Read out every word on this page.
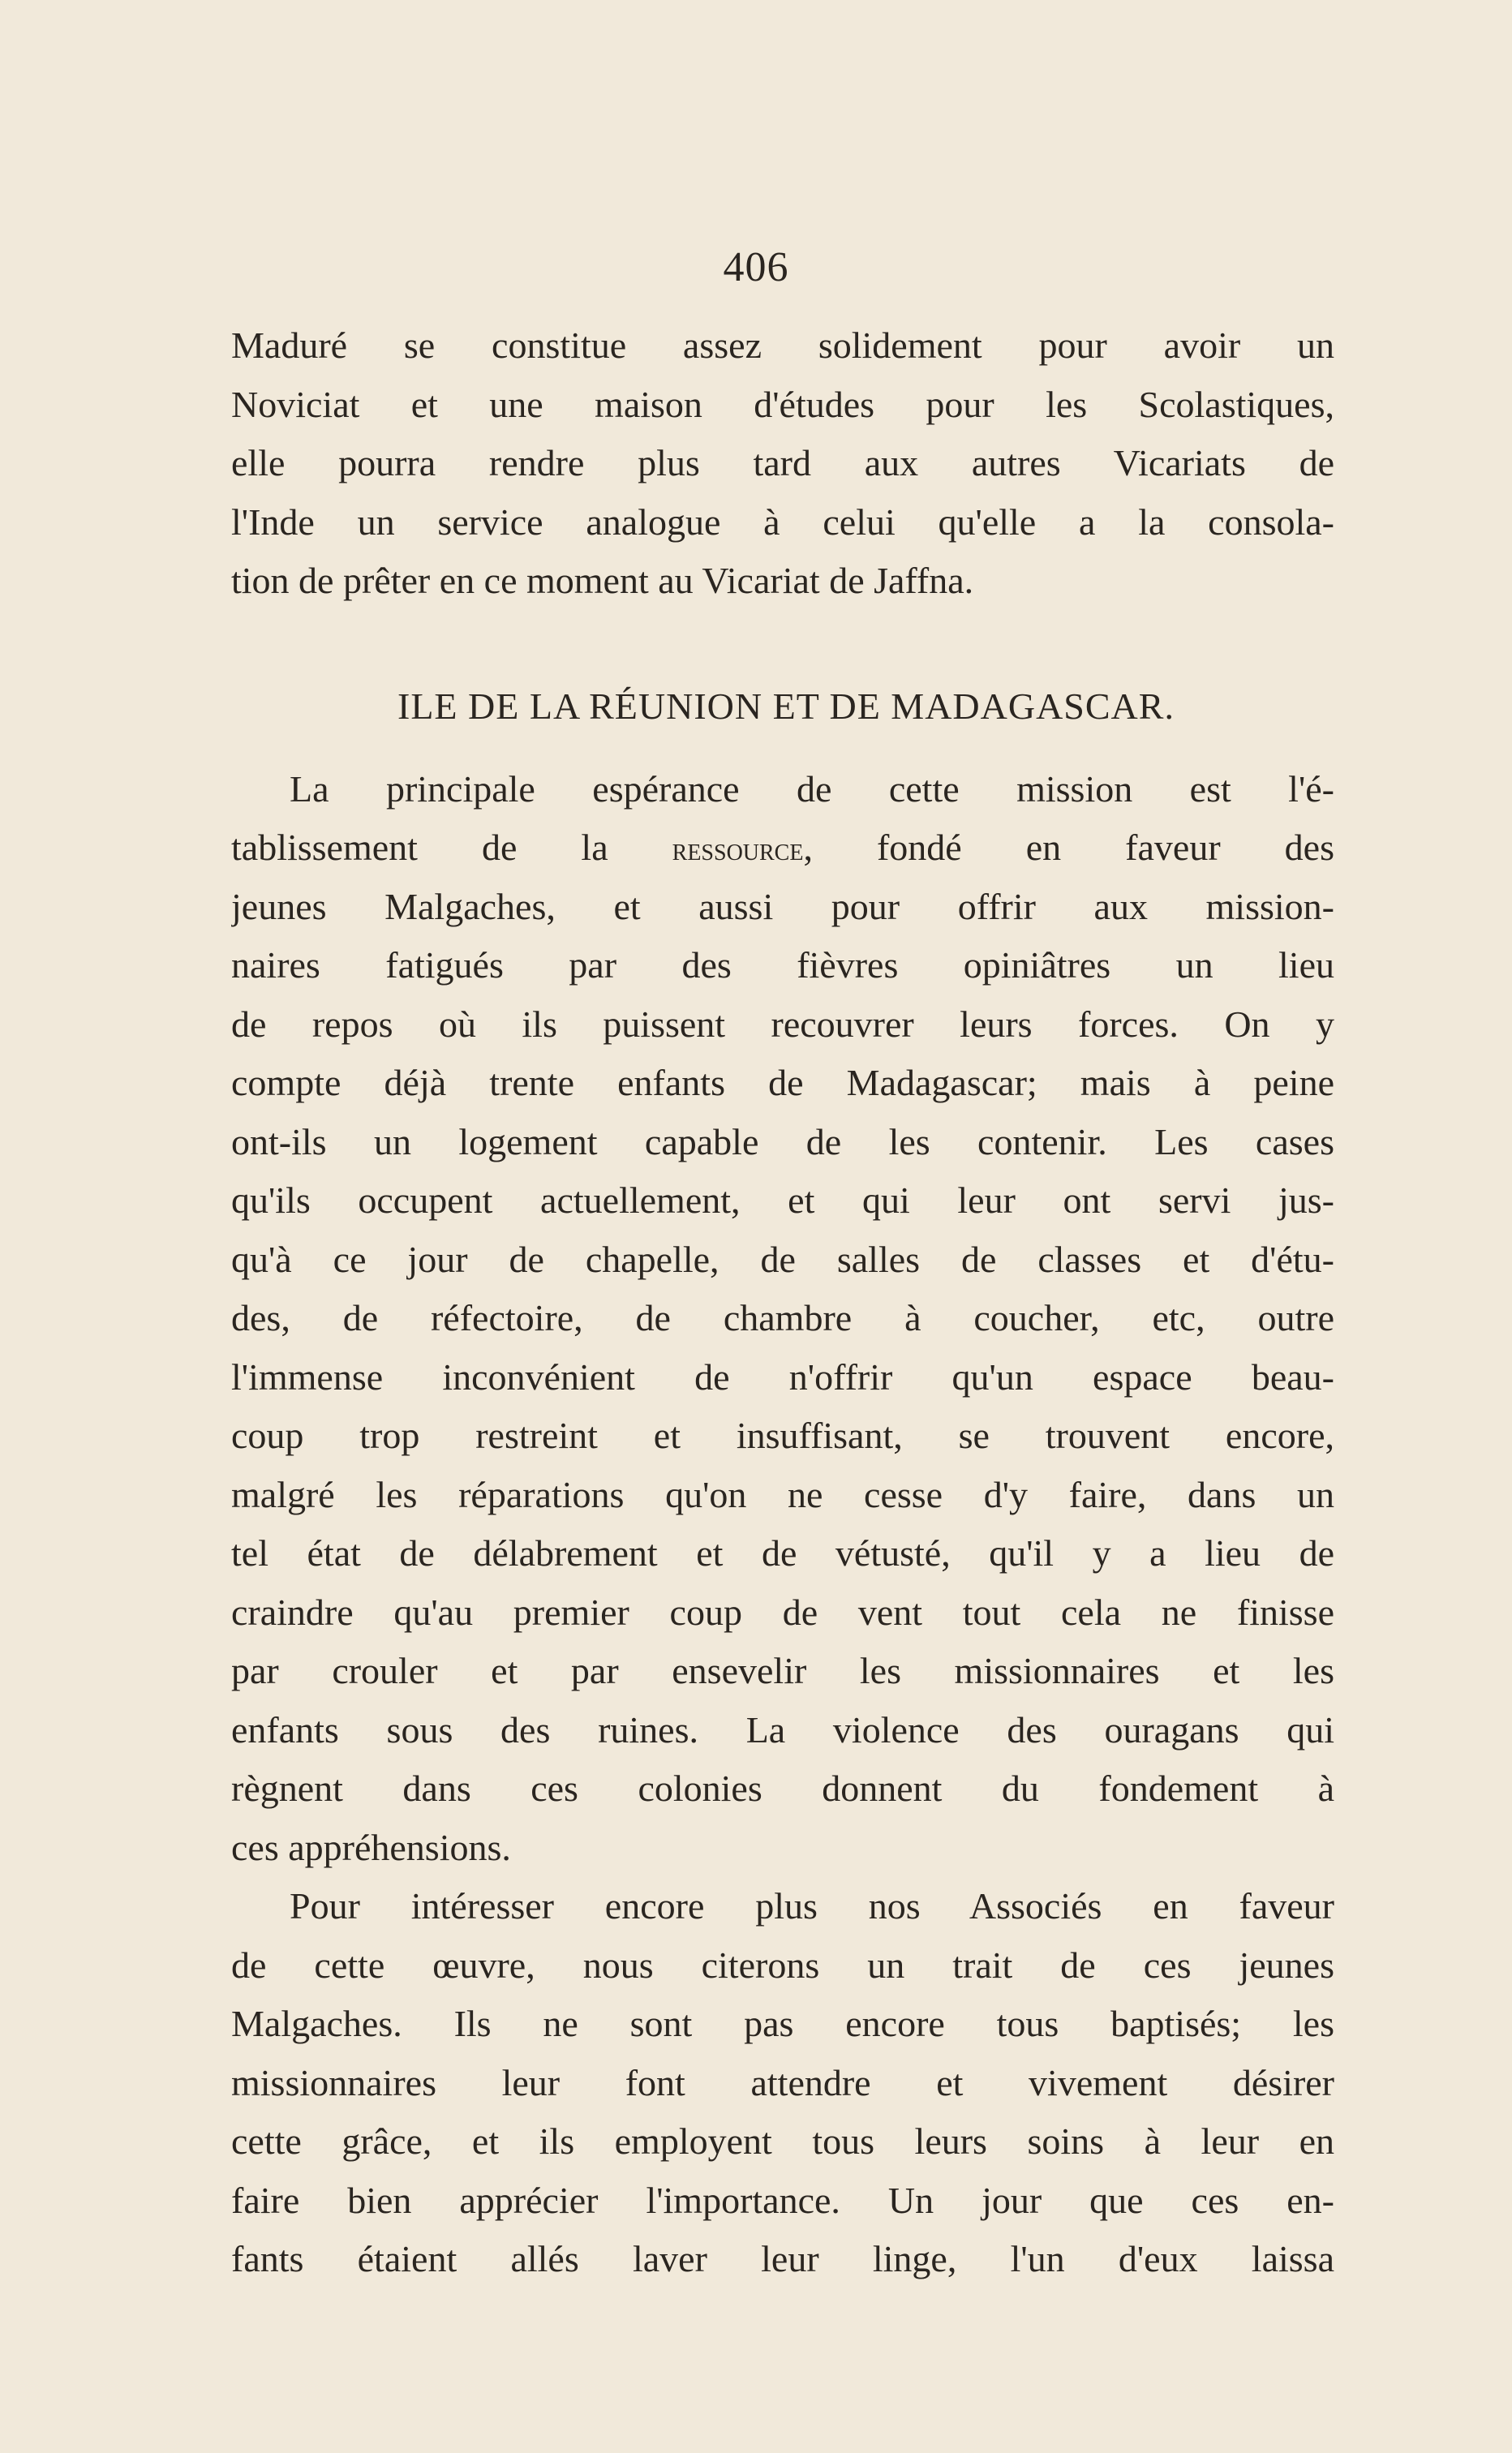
406
Maduré se constitue assez solidement pour avoir un
Noviciat et une maison d'études pour les Scolastiques,
elle pourra rendre plus tard aux autres Vicariats de
l'Inde un service analogue à celui qu'elle a la consola-
tion de prêter en ce moment au Vicariat de Jaffna.
ILE DE LA RÉUNION ET DE MADAGASCAR.
La principale espérance de cette mission est l'é-
tablissement de la ressource, fondé en faveur des
jeunes Malgaches, et aussi pour offrir aux mission-
naires fatigués par des fièvres opiniâtres un lieu
de repos où ils puissent recouvrer leurs forces. On y
compte déjà trente enfants de Madagascar; mais à peine
ont-ils un logement capable de les contenir. Les cases
qu'ils occupent actuellement, et qui leur ont servi jus-
qu'à ce jour de chapelle, de salles de classes et d'étu-
des, de réfectoire, de chambre à coucher, etc, outre
l'immense inconvénient de n'offrir qu'un espace beau-
coup trop restreint et insuffisant, se trouvent encore,
malgré les réparations qu'on ne cesse d'y faire, dans un
tel état de délabrement et de vétusté, qu'il y a lieu de
craindre qu'au premier coup de vent tout cela ne finisse
par crouler et par ensevelir les missionnaires et les
enfants sous des ruines. La violence des ouragans qui
règnent dans ces colonies donnent du fondement à
ces appréhensions.
Pour intéresser encore plus nos Associés en faveur
de cette œuvre, nous citerons un trait de ces jeunes
Malgaches. Ils ne sont pas encore tous baptisés; les
missionnaires leur font attendre et vivement désirer
cette grâce, et ils employent tous leurs soins à leur en
faire bien apprécier l'importance. Un jour que ces en-
fants étaient allés laver leur linge, l'un d'eux laissa
